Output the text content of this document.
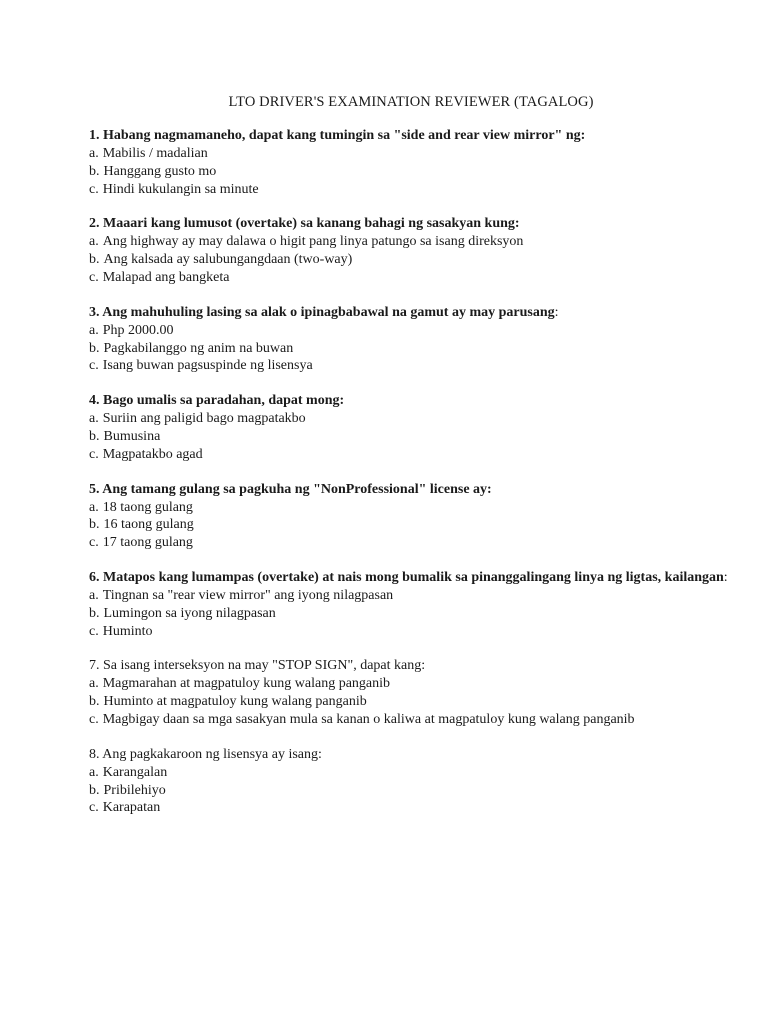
LTO DRIVER'S EXAMINATION REVIEWER (TAGALOG)
1. Habang nagmamaneho, dapat kang tumingin sa "side and rear view mirror" ng:
a. Mabilis / madalian
b. Hanggang gusto mo
c. Hindi kukulangin sa minute
2. Maaari kang lumusot (overtake) sa kanang bahagi ng sasakyan kung:
a. Ang highway ay may dalawa o higit pang linya patungo sa isang direksyon
b. Ang kalsada ay salubungangdaan (two-way)
c. Malapad ang bangketa
3. Ang mahuhuling lasing sa alak o ipinagbabawal na gamut ay may parusang:
a. Php 2000.00
b. Pagkabilanggo ng anim na buwan
c. Isang buwan pagsuspinde ng lisensya
4. Bago umalis sa paradahan, dapat mong:
a. Suriin ang paligid bago magpatakbo
b. Bumusina
c. Magpatakbo agad
5. Ang tamang gulang sa pagkuha ng "NonProfessional" license ay:
a. 18 taong gulang
b. 16 taong gulang
c. 17 taong gulang
6. Matapos kang lumampas (overtake) at nais mong bumalik sa pinanggalingang linya ng ligtas, kailangan:
a. Tingnan sa "rear view mirror" ang iyong nilagpasan
b. Lumingon sa iyong nilagpasan
c. Huminto
7. Sa isang interseksyon na may "STOP SIGN", dapat kang:
a. Magmarahan at magpatuloy kung walang panganib
b. Huminto at magpatuloy kung walang panganib
c. Magbigay daan sa mga sasakyan mula sa kanan o kaliwa at magpatuloy kung walang panganib
8. Ang pagkakaroon ng lisensya ay isang:
a. Karangalan
b. Pribilehiyo
c. Karapatan
